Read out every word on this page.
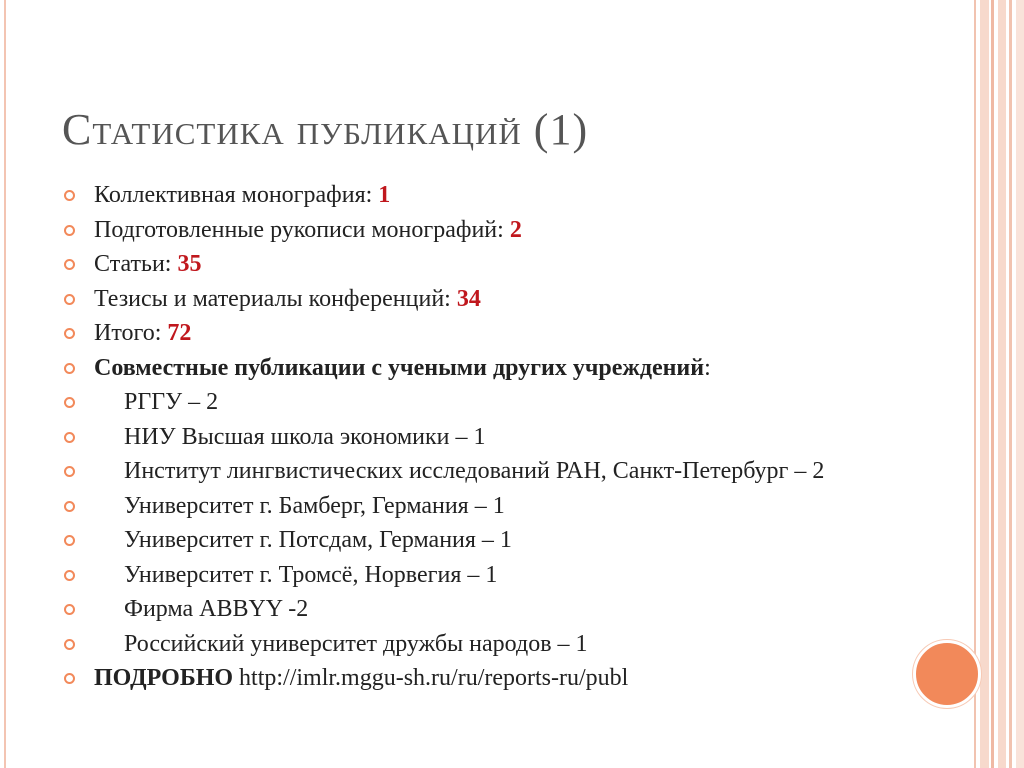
Статистика публикаций (1)
Коллективная монография: 1
Подготовленные рукописи монографий: 2
Статьи: 35
Тезисы и материалы конференций: 34
Итого: 72
Совместные публикации с учеными других учреждений:
РГГУ – 2
НИУ Высшая школа экономики – 1
Институт лингвистических исследований РАН, Санкт-Петербург – 2
Университет г. Бамберг, Германия – 1
Университет г. Потсдам, Германия – 1
Университет г. Тромсё, Норвегия – 1
Фирма ABBYY -2
Российский университет дружбы народов – 1
ПОДРОБНО http://imlr.mggu-sh.ru/ru/reports-ru/publ
